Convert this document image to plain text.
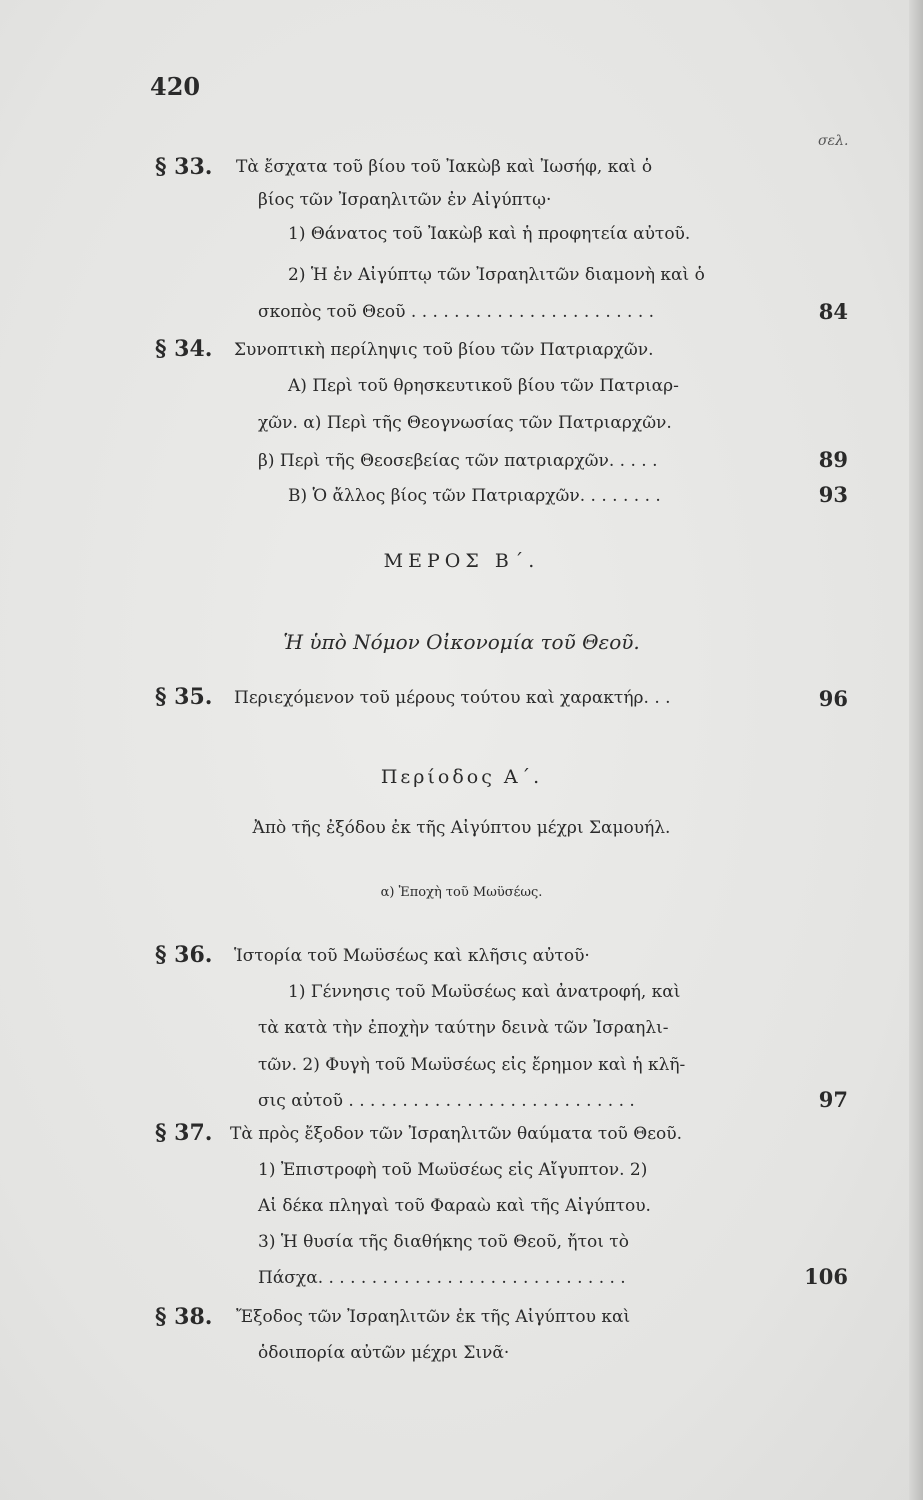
420
σελ.
§ 33. Τὰ ἔσχατα τοῦ βίου τοῦ Ἰακὼβ καὶ Ἰωσήφ, καὶ ὁ
βίος τῶν Ἰσραηλιτῶν ἐν Αἰγύπτῳ·
1) Θάνατος τοῦ Ἰακὼβ καὶ ἡ προφητεία αὐτοῦ.
2) Ἡ ἐν Αἰγύπτῳ τῶν Ἰσραηλιτῶν διαμονὴ καὶ ὁ
σκοπὸς τοῦ Θεοῦ . . . . . . . . . . . . . . . . . . . . . . .	84
§ 34. Συνοπτικὴ περίληψις τοῦ βίου τῶν Πατριαρχῶν.
Α) Περὶ τοῦ θρησκευτικοῦ βίου τῶν Πατριαρ-
χῶν. α) Περὶ τῆς Θεογνωσίας τῶν Πατριαρχῶν.
β) Περὶ τῆς Θεοσεβείας τῶν πατριαρχῶν. . . . .	89
Β) Ὁ ἄλλος βίος τῶν Πατριαρχῶν. . . . . . . .	93
ΜΕΡΟΣ Β΄.
Ἡ ὑπὸ Νόμον Οἰκονομία τοῦ Θεοῦ.
§ 35. Περιεχόμενον τοῦ μέρους τούτου καὶ χαρακτήρ. . .	96
Περίοδος Α΄.
Ἀπὸ τῆς ἐξόδου ἐκ τῆς Αἰγύπτου μέχρι Σαμουήλ.
α) Ἐποχὴ τοῦ Μωϋσέως.
§ 36. Ἱστορία τοῦ Μωϋσέως καὶ κλῆσις αὐτοῦ·
1) Γέννησις τοῦ Μωϋσέως καὶ ἀνατροφή, καὶ
τὰ κατὰ τὴν ἐποχὴν ταύτην δεινὰ τῶν Ἰσραηλι-
τῶν. 2) Φυγὴ τοῦ Μωϋσέως εἰς ἔρημον καὶ ἡ κλῆ-
σις αὐτοῦ . . . . . . . . . . . . . . . . . . . . . . . . . . .	97
§ 37. Τὰ πρὸς ἔξοδον τῶν Ἰσραηλιτῶν θαύματα τοῦ Θεοῦ.
1) Ἐπιστροφὴ τοῦ Μωϋσέως εἰς Αἴγυπτον. 2)
Αἱ δέκα πληγαὶ τοῦ Φαραὼ καὶ τῆς Αἰγύπτου.
3) Ἡ θυσία τῆς διαθήκης τοῦ Θεοῦ, ἤτοι τὸ
Πάσχα. . . . . . . . . . . . . . . . . . . . . . . . . . . . .	106
§ 38. Ἔξοδος τῶν Ἰσραηλιτῶν ἐκ τῆς Αἰγύπτου καὶ
ὁδοιπορία αὐτῶν μέχρι Σινᾶ·
